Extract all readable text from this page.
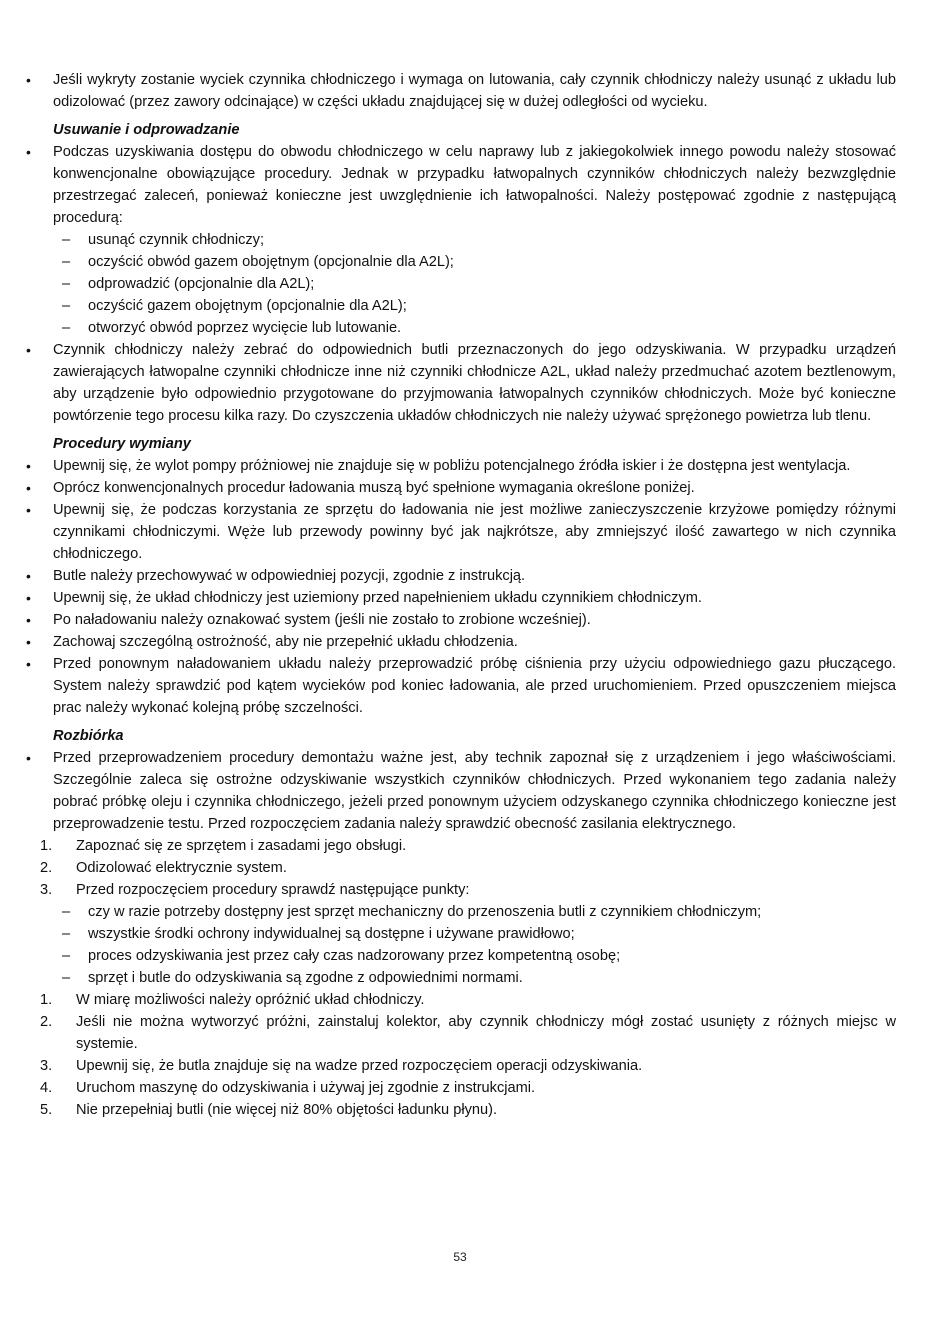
• Jeśli wykryty zostanie wyciek czynnika chłodniczego i wymaga on lutowania, cały czynnik chłodniczy należy usunąć z układu lub odizolować (przez zawory odcinające) w części układu znajdującej się w dużej odległości od wycieku.
Usuwanie i odprowadzanie
• Podczas uzyskiwania dostępu do obwodu chłodniczego w celu naprawy lub z jakiegokolwiek innego powodu należy stosować konwencjonalne obowiązujące procedury. Jednak w przypadku łatwopalnych czynników chłodniczych należy bezwzględnie przestrzegać zaleceń, ponieważ konieczne jest uwzględnienie ich łatwopalności. Należy postępować zgodnie z następującą procedurą:
– usunąć czynnik chłodniczy;
– oczyścić obwód gazem obojętnym (opcjonalnie dla A2L);
– odprowadzić (opcjonalnie dla A2L);
– oczyścić gazem obojętnym (opcjonalnie dla A2L);
– otworzyć obwód poprzez wycięcie lub lutowanie.
• Czynnik chłodniczy należy zebrać do odpowiednich butli przeznaczonych do jego odzyskiwania. W przypadku urządzeń zawierających łatwopalne czynniki chłodnicze inne niż czynniki chłodnicze A2L, układ należy przedmuchać azotem beztlenowym, aby urządzenie było odpowiednio przygotowane do przyjmowania łatwopalnych czynników chłodniczych. Może być konieczne powtórzenie tego procesu kilka razy. Do czyszczenia układów chłodniczych nie należy używać sprężonego powietrza lub tlenu.
Procedury wymiany
• Upewnij się, że wylot pompy próżniowej nie znajduje się w pobliżu potencjalnego źródła iskier i że dostępna jest wentylacja.
• Oprócz konwencjonalnych procedur ładowania muszą być spełnione wymagania określone poniżej.
• Upewnij się, że podczas korzystania ze sprzętu do ładowania nie jest możliwe zanieczyszczenie krzyżowe pomiędzy różnymi czynnikami chłodniczymi. Węże lub przewody powinny być jak najkrótsze, aby zmniejszyć ilość zawartego w nich czynnika chłodniczego.
• Butle należy przechowywać w odpowiedniej pozycji, zgodnie z instrukcją.
• Upewnij się, że układ chłodniczy jest uziemiony przed napełnieniem układu czynnikiem chłodniczym.
• Po naładowaniu należy oznakować system (jeśli nie zostało to zrobione wcześniej).
• Zachowaj szczególną ostrożność, aby nie przepełnić układu chłodzenia.
• Przed ponownym naładowaniem układu należy przeprowadzić próbę ciśnienia przy użyciu odpowiedniego gazu płuczącego. System należy sprawdzić pod kątem wycieków pod koniec ładowania, ale przed uruchomieniem. Przed opuszczeniem miejsca prac należy wykonać kolejną próbę szczelności.
Rozbiórka
• Przed przeprowadzeniem procedury demontażu ważne jest, aby technik zapoznał się z urządzeniem i jego właściwościami. Szczególnie zaleca się ostrożne odzyskiwanie wszystkich czynników chłodniczych. Przed wykonaniem tego zadania należy pobrać próbkę oleju i czynnika chłodniczego, jeżeli przed ponownym użyciem odzyskanego czynnika chłodniczego konieczne jest przeprowadzenie testu. Przed rozpoczęciem zadania należy sprawdzić obecność zasilania elektrycznego.
1. Zapoznać się ze sprzętem i zasadami jego obsługi.
2. Odizolować elektrycznie system.
3. Przed rozpoczęciem procedury sprawdź następujące punkty:
– czy w razie potrzeby dostępny jest sprzęt mechaniczny do przenoszenia butli z czynnikiem chłodniczym;
– wszystkie środki ochrony indywidualnej są dostępne i używane prawidłowo;
– proces odzyskiwania jest przez cały czas nadzorowany przez kompetentną osobę;
– sprzęt i butle do odzyskiwania są zgodne z odpowiednimi normami.
1. W miarę możliwości należy opróżnić układ chłodniczy.
2. Jeśli nie można wytworzyć próżni, zainstaluj kolektor, aby czynnik chłodniczy mógł zostać usunięty z różnych miejsc w systemie.
3. Upewnij się, że butla znajduje się na wadze przed rozpoczęciem operacji odzyskiwania.
4. Uruchom maszynę do odzyskiwania i używaj jej zgodnie z instrukcjami.
5. Nie przepełniaj butli (nie więcej niż 80% objętości ładunku płynu).
53
